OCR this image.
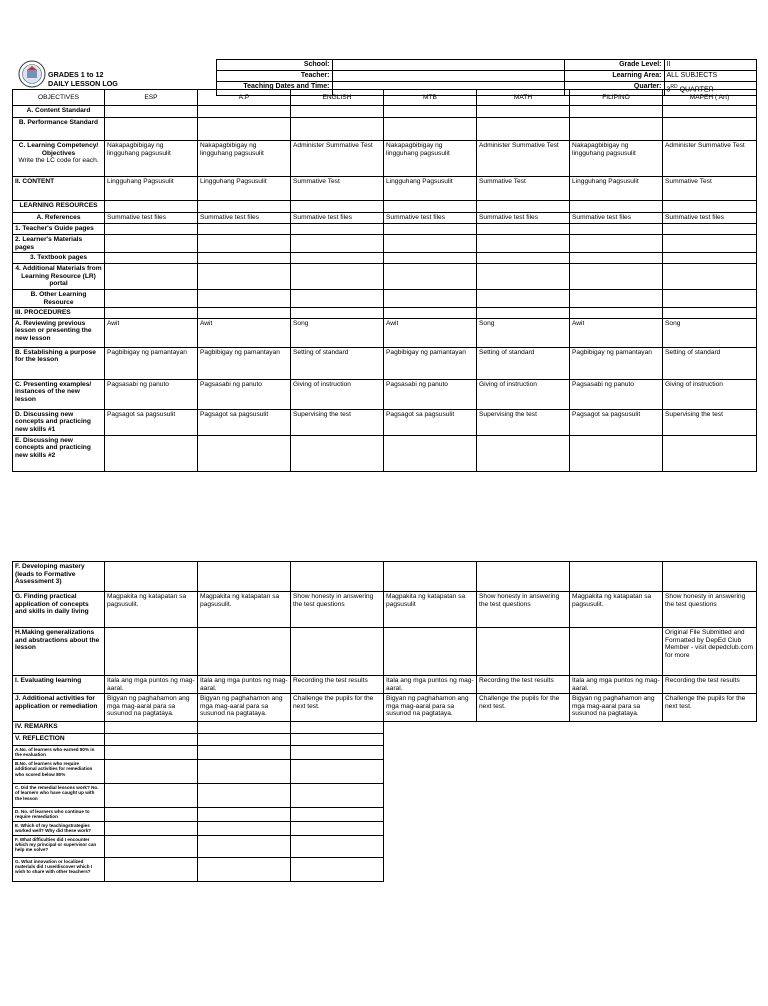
GRADES 1 to 12
DAILY LESSON LOG
	School:		Grade Level:	II
	Teacher:		Learning Area:	ALL SUBJECTS
	Teaching Dates and Time:		Quarter:	3RD QUARTER
OBJECTIVES	ESP	A.P	ENGLISH	MTB	MATH	FILIPINO	MAPEH ( Art)
A. Content Standard							
B. Performance Standard							
C. Learning Competency/ Objectives
Write the LC code for each.	Nakapagbibigay ng lingguhang pagsusulit	Nakapagbibigay ng lingguhang pagsusulit	Administer Summative Test	Nakapagbibigay ng lingguhang pagsusulit	Administer Summative Test	Nakapagbibigay ng lingguhang pagsusulit	Administer Summative Test
II. CONTENT	Lingguhang Pagsusulit	Lingguhang Pagsusulit	Summative Test	Lingguhang Pagsusulit	Summative Test	Lingguhang Pagsusulit	Summative Test
LEARNING RESOURCES							
A. References	Summative test files	Summative test files	Summative test files	Summative test files	Summative test files	Summative test files	Summative test files
1. Teacher's Guide pages							
2. Learner's Materials pages							
3. Textbook pages							
4. Additional Materials from Learning Resource (LR) portal							
B. Other Learning Resource							
III. PROCEDURES							
A. Reviewing previous lesson or presenting the new lesson	Awit	Awit	Song	Awit	Song	Awit	Song
B. Establishing a purpose for the lesson	Pagbibigay ng pamantayan	Pagbibigay ng pamantayan	Setting of standard	Pagbibigay ng pamantayan	Setting of standard	Pagbibigay ng pamantayan	Setting of standard
C. Presenting examples/ instances of the new lesson	Pagsasabi ng panuto	Pagsasabi ng panuto	Giving of instruction	Pagsasabi ng panuto	Giving of instruction	Pagsasabi ng panuto	Giving of instruction
D. Discussing new concepts and practicing new skills #1	Pagsagot sa pagsusulit	Pagsagot sa pagsusulit	Supervising the test	Pagsagot sa pagsusulit	Supervising the test	Pagsagot sa pagsusulit	Supervising the test
E. Discussing new concepts and practicing new skills #2							
F. Developing mastery (leads to Formative Assessment 3)							
G. Finding practical application of concepts and skills in daily living	Magpakita ng katapatan sa pagsusulit.	Magpakita ng katapatan sa pagsusulit.	Show honesty in answering the test questions	Magpakita ng katapatan sa pagsusulit	Show honesty in answering the test questions	Magpakita ng katapatan sa pagsusulit.	Show honesty in answering the test questions
H.Making generalizations and abstractions about the lesson							Original File Submitted and Formatted by DepEd Club Member - visit depedclub.com for more
I. Evaluating learning	Itala ang mga puntos ng mag-aaral.	Itala ang mga puntos ng mag-aaral.	Recording the test results	Itala ang mga puntos ng mag-aaral.	Recording the test results	Itala ang mga puntos ng mag-aaral.	Recording the test results
J. Additional activities for application or remediation	Bigyan ng paghahamon ang mga mag-aaral para sa susunod na pagtataya.	Bigyan ng paghahamon ang mga mag-aaral para sa susunod na pagtataya.	Challenge the pupils for the next test.	Bigyan ng paghahamon ang mga mag-aaral para sa susunod na pagtataya.	Challenge the pupils for the next test.	Bigyan ng paghahamon ang mga mag-aaral para sa susunod na pagtataya.	Challenge the pupils for the next test.
IV. REMARKS							
V. REFLECTION							
A.No. of learners who earned 80% in the evaluation							
B.No. of learners who require additional activities for remediation who scored below 80%							
C. Did the remedial lessons work? No. of learners who have caught up with the lesson							
D. No. of learners who continue to require remediation							
E. Which of my teachingstrategies worked well? Why did these work?							
F. What difficulties did I encounter which my principal or supervisor can help me solve?							
G. What innovation or localized materials did I use/discover which I wish to share with other teachers?							
